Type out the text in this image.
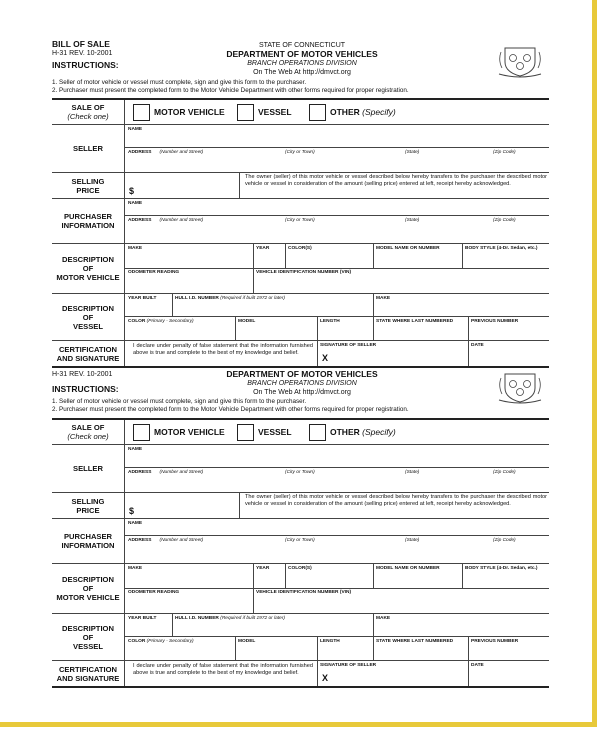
BILL OF SALE
H-31 REV. 10-2001
INSTRUCTIONS:
STATE OF CONNECTICUT
DEPARTMENT OF MOTOR VEHICLES
BRANCH OPERATIONS DIVISION
On The Web At http://dmvct.org
1. Seller of motor vehicle or vessel must complete, sign and give this form to the purchaser.
2. Purchaser must present the completed form to the Motor Vehicle Department with other forms required for proper registration.
SALE OF
(Check one)	MOTOR VEHICLE	VESSEL	OTHER (Specify)
SELLER
NAME
ADDRESS (Number and Street)	(City or Town)	(State)	(Zip Code)
SELLING
PRICE	$
The owner (seller) of this motor vehicle or vessel described below hereby transfers to the purchaser the described motor vehicle or vessel in consideration of the amount (selling price) entered at left, receipt hereby acknowledged.
PURCHASER
INFORMATION
NAME
ADDRESS (Number and Street)	(City or Town)	(State)	(Zip Code)
DESCRIPTION
OF
MOTOR VEHICLE
MAKE	YEAR	COLOR(S)	MODEL NAME OR NUMBER	BODY STYLE (4-Dr. Sedan, etc.)
ODOMETER READING	VEHICLE IDENTIFICATION NUMBER (VIN)
DESCRIPTION
OF
VESSEL
YEAR BUILT	HULL I.D. NUMBER (Required if built 1972 or later)	MAKE
COLOR (Primary - Secondary)	MODEL	LENGTH	STATE WHERE LAST NUMBERED	PREVIOUS NUMBER
CERTIFICATION
AND SIGNATURE
I declare under penalty of false statement that the information furnished above is true and complete to the best of my knowledge and belief.
SIGNATURE OF SELLER
X
DATE
H-31 REV. 10-2001
INSTRUCTIONS:
DEPARTMENT OF MOTOR VEHICLES
BRANCH OPERATIONS DIVISION
On The Web At http://dmvct.org
1. Seller of motor vehicle or vessel must complete, sign and give this form to the purchaser.
2. Purchaser must present the completed form to the Motor Vehicle Department with other forms required for proper registration.
SALE OF
(Check one)	MOTOR VEHICLE	VESSEL	OTHER (Specify)
SELLER
NAME
ADDRESS (Number and Street)	(City or Town)	(State)	(Zip Code)
SELLING
PRICE	$
The owner (seller) of this motor vehicle or vessel described below hereby transfers to the purchaser the described motor vehicle or vessel in consideration of the amount (selling price) entered at left, receipt hereby acknowledged.
PURCHASER
INFORMATION
NAME
ADDRESS (Number and Street)	(City or Town)	(State)	(Zip Code)
DESCRIPTION
OF
MOTOR VEHICLE
MAKE	YEAR	COLOR(S)	MODEL NAME OR NUMBER	BODY STYLE (4-Dr. Sedan, etc.)
ODOMETER READING	VEHICLE IDENTIFICATION NUMBER (VIN)
DESCRIPTION
OF
VESSEL
YEAR BUILT	HULL I.D. NUMBER (Required if built 1972 or later)	MAKE
COLOR (Primary - Secondary)	MODEL	LENGTH	STATE WHERE LAST NUMBERED	PREVIOUS NUMBER
CERTIFICATION
AND SIGNATURE
I declare under penalty of false statement that the information furnished above is true and complete to the best of my knowledge and belief.
SIGNATURE OF SELLER
X
DATE
